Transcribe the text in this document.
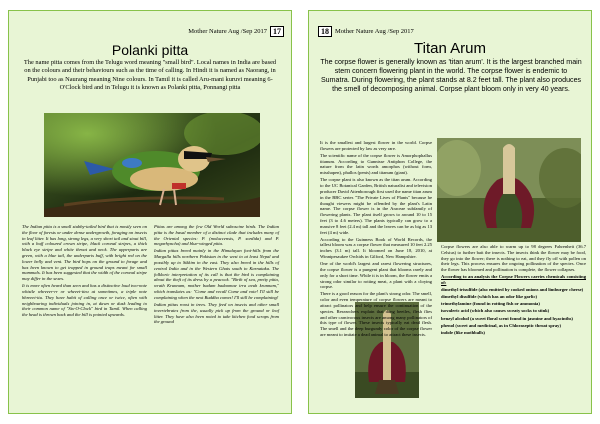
Mother Nature Aug /Sep 2017 17
Polanki pitta
The name pitta comes from the Telugu word meaning "small bird". Local names in India are based on the colours and their behaviours such as the time of calling. In Hindi it is named as Naorang, in Punjabi too as Naurang meaning Nine colours. In Tamil it is called Aru-mani kuruvi meaning 6-O'Clock bird and in Telugu it is known as Polanki pitta, Ponnangi pitta

The Indian pitta is a small stubby-tailed bird that is mostly seen on the floor of forests or under dense undergrowth, foraging on insects in leaf litter. It has long, strong legs, a very short tail and stout bill, with a buff coloured crown stripe, black coronal stripes, a thick black eye stripe and white throat and neck. The upperparts are green, with a blue tail, the underparts buff, with bright red on the lower belly and vent. The bird hops on the ground to forage and has been known to get trapped in ground traps meant for small mammals. It has been suggested that the width of the coronal stripe may differ in the sexes.

It is more often heard than seen and has a distinctive loud two-note whistle whreeer-rr or wheeet-tieu at sometimes, a triple note hhreeet-ttu. They have habit of calling once or twice, often with neighbouring individuals joining in, at dawn or dusk leading to their common name of "Six-O-Clock" bird in Tamil. When calling the head is thrown back and the bill is pointed upwards.

Pittas are among the few Old World suboscine birds. The Indian pitta is the basal member of a distinct clade that includes many of the Oriental species: P. (moluccensis, P. sordida) and P. megarhyncha) and blue-winged pitta.

Indian pittas breed mainly in the Himalayan foot-hills from the Margalla hills northern Pakistan in the west to at least Nepal and possibly up to Sikkim in the east. They also breed in the hills of central India and in the Western Ghats south to Karnataka. The folkloric interpretation of its call is that the bird is complaining about the theft of its dress by a peacock. "Birth of sea, pretty pitta, wrath Krunnam, mother badam badaomae irra avuh krunnam," which translates as: "Come and recall Come and vote! I'll still be complaining when the next Buddha comes! I'll still be complaining!

Indian pittas roost in trees. They feed on insects and other small invertebrates from the, usually pick up from the ground or leaf litter. They have also been noted to take kitchen food scraps from the ground

18 Mother Nature Aug /Sep 2017
Titan Arum
The corpse flower is generally known as 'titan arum'. It is the largest branched main stem concern flowering plant in the world. The corpse flower is endemic to Sumatra. During flowering, the plant stands at 8.2 feet tall. The plant also produces the smell of decomposing animal. Corpse plant bloom only in very 40 years.

It is the smallest and largest flower in the world. Corpse flowers are protected by law as very rare.

The scientific name of the corpse flower is Amorphophallus titanum. According to Gunnisse Antiphon College, the nature from the latin words amorphos (without form, misshapen), phallos (penis) and titanum (giant).

The corpse plant is also known as the titan arum. According to the UC Botanical Garden, British naturalist and television producer David Attenborough first used the name titan arum in the BBC series "The Private Lives of Plants" because he thought viewers might be offended by the plant's Latin name. The corpse flower is in the Araceae subfamily of flowering plants. The plant itself grows to around 10 to 15 feet (3 to 4.6 meters). The plants typically can grow to a massive 8 feet (2.4 m) tall and the leaves can be as big as 13 feet (4 m) wide.

According to the Guinness Book of World Records, the tallest bloom was a corpse flower that measured 10 feet 2.25 inches (3.1 m) tall. It bloomed on June 18, 2010, at Winnipesaukee Orchids in Gilford, New Hampshire.

One of the world's largest and rarest flowering structures, the corpse flower is a pungent plant that blooms rarely and only for a short time. While it is in bloom, the flower emits a strong odor similar to rotting meat, a plant with a cloying corpse.

There is a good reason for the plant's strong odor. The smell, color and even temperature of corpse flowers are meant to attract pollinators and help ensure the continuation of the species. Researchers explain that dung beetles, flesh flies and other carnivorous insects are among many pollinators of this type of flower. These insects typically eat dead flesh. The smell and the deep burgundy color of the corpse flower are meant to imitate a dead animal to attract these insects.

Corpse flowers are also able to warm up to 98 degrees Fahrenheit (36.7 Celsius) to further bait the insects. The insects think the flower may be food, they go into the flower; there is nothing to eat, and they fly off with pollen on their legs. This process ensures the ongoing pollination of the species. Once the flower has bloomed and pollination is complete, the flower collapses.

According to an analysis the Corpse Flowers carries chemicals consisting of:

dimethyl trisulfide (also emitted by cooked onions and limburger cheese)

dimethyl disulfide (which has an odor like garlic)

trimethylamine (found in rotting fish or ammonia)

isovaleric acid (which also causes sweaty socks to stink)

benzyl alcohol (a sweet floral scent found in jasmine and hyacinths)

phenol (sweet and medicinal, as in Chloraseptic throat spray)

indole (like mothballs)
